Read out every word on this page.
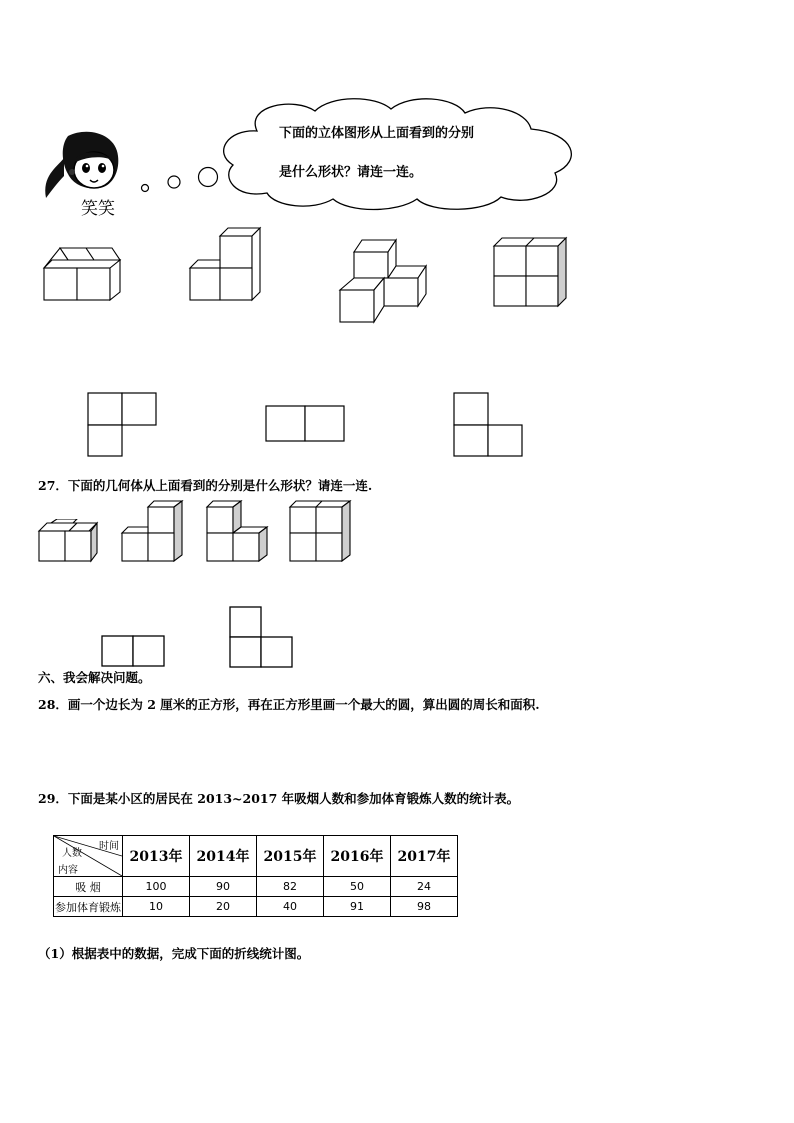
笑笑
下面的立体图形从上面看到的分别
是什么形状？请连一连。
27．下面的几何体从上面看到的分别是什么形状？请连一连.
六、我会解决问题。
28．画一个边长为 2 厘米的正方形，再在正方形里画一个最大的圆，算出圆的周长和面积.
29．下面是某小区的居民在 2013~2017 年吸烟人数和参加体育锻炼人数的统计表。
时间
人数
内容	2013年	2014年	2015年	2016年	2017年
吸 烟	100	90	82	50	24
参加体育锻炼	10	20	40	91	98
（1）根据表中的数据，完成下面的折线统计图。
